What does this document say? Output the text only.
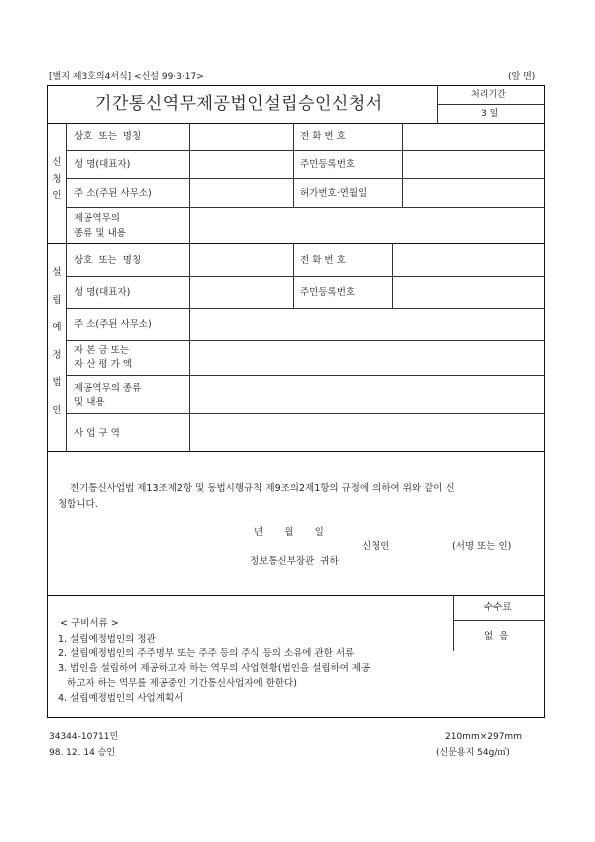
[별지 제3호의4서식] <신설 99·3·17>	(앞 면)
기간통신역무제공법인설립승인신청서	처리기간
3 일
신
청
인
상호  또는  명칭	전 화 번 호
성 명(대표자)	주민등록번호
주 소(주된 사무소)	허가번호·연월일
제공역무의
종류 및 내용
설
립
예
정
법
인
상호  또는  명칭	전 화 번 호
성 명(대표자)	주민등록번호
주 소(주된 사무소)
자 본 금 또는
자 산 평 가 액
제공역무의 종류
및 내용
사 업 구 역
전기통신사업법 제13조제2항 및 동법시행규칙 제9조의2제1항의 규정에 의하여 위와 같이 신
청합니다.
년       월       일
신청인	(서명 또는 인)
정보통신부장관  귀하
수수료
없  음
< 구비서류 >
1. 설립예정법인의 정관
2. 설립예정법인의 주주명부 또는 주주 등의 주식 등의 소유에 관한 서류
3. 법인을 설립하여 제공하고자 하는 역무의 사업현황(법인을 설립하여 제공
하고자 하는 역무를 제공중인 기간통신사업자에 한한다)
4. 설립예정법인의 사업계획서
34344-10711민
98. 12. 14 승인
210mm×297mm
(신문용지 54g/㎡)
